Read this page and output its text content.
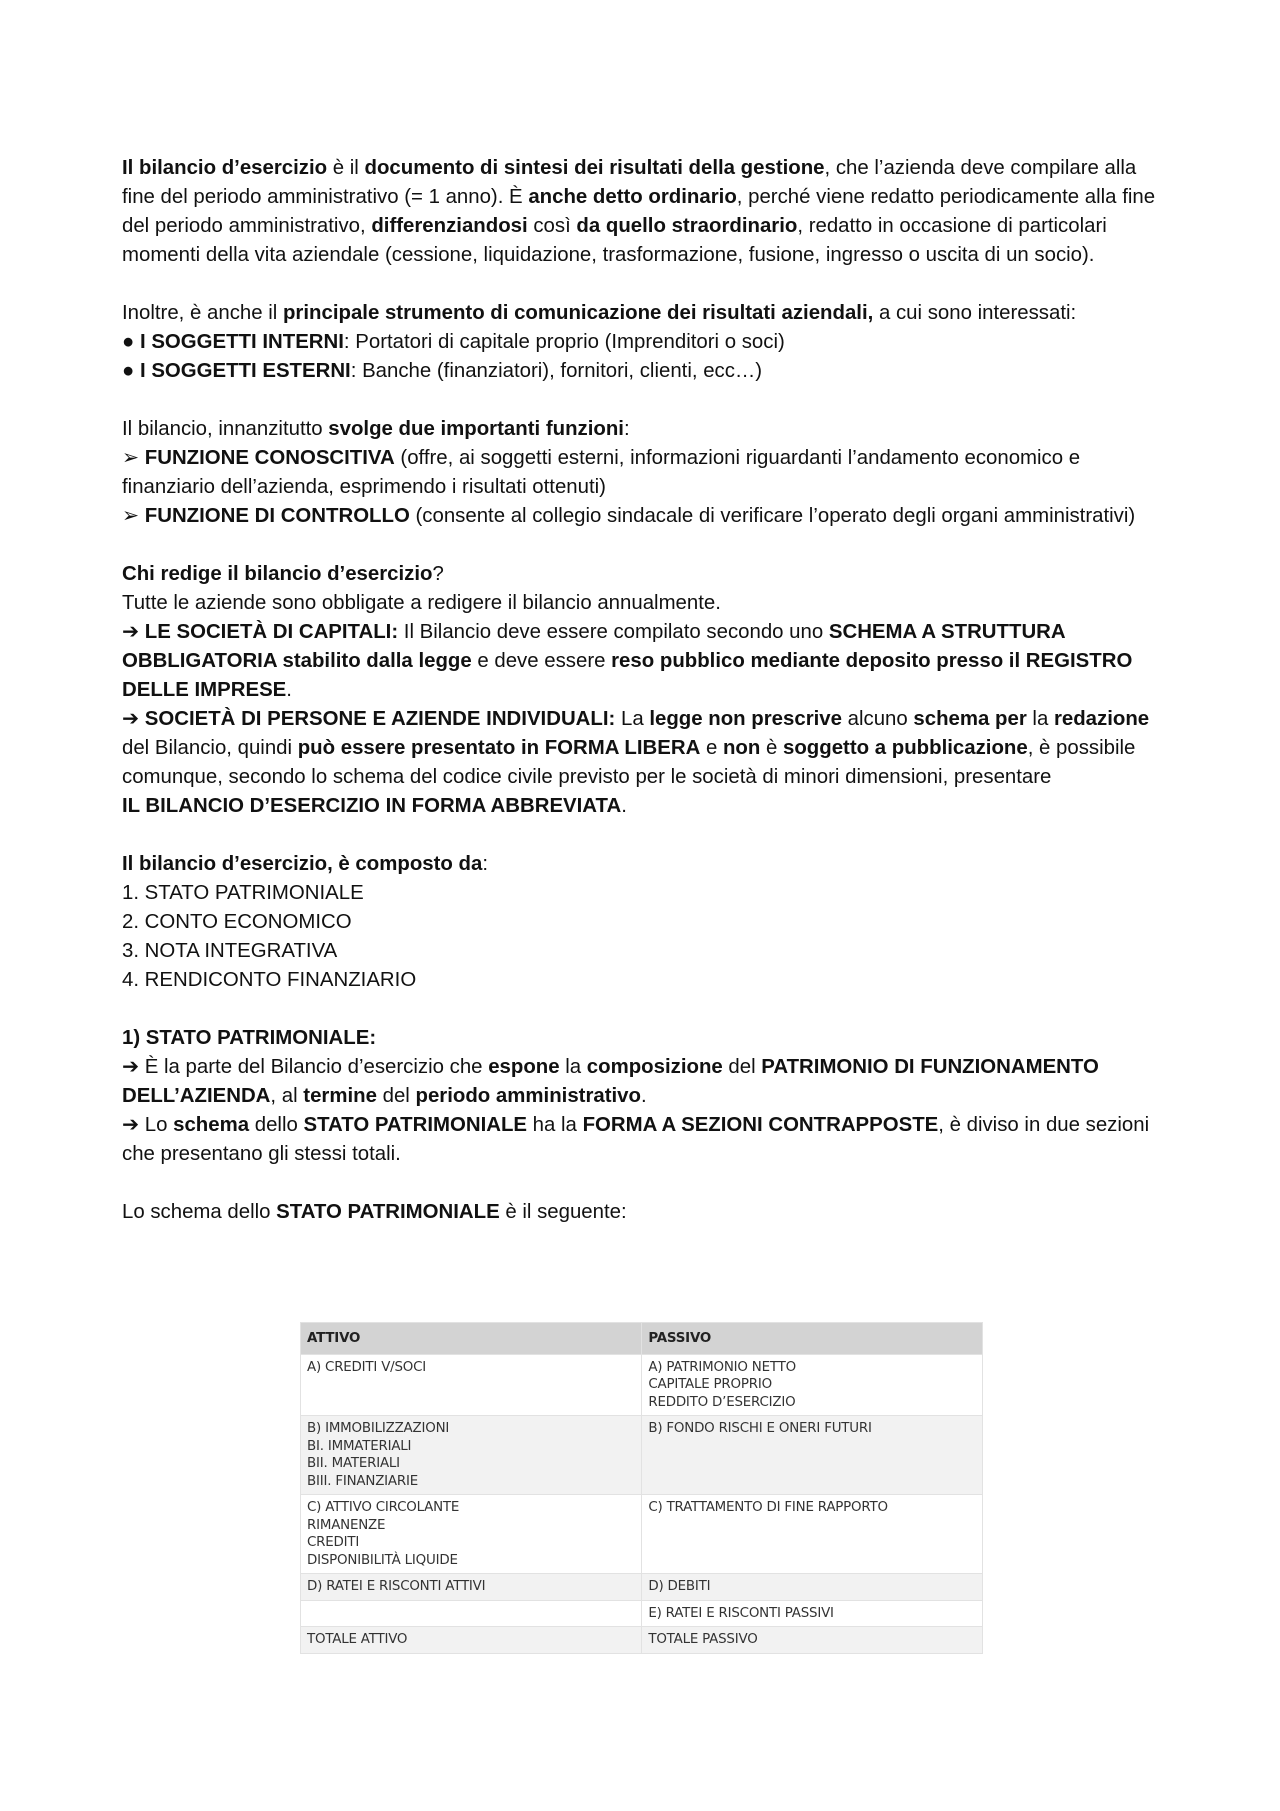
Il bilancio d’esercizio è il documento di sintesi dei risultati della gestione, che l’azienda deve compilare alla fine del periodo amministrativo (= 1 anno). È anche detto ordinario, perché viene redatto periodicamente alla fine del periodo amministrativo, differenziandosi così da quello straordinario, redatto in occasione di particolari momenti della vita aziendale (cessione, liquidazione, trasformazione, fusione, ingresso o uscita di un socio).

Inoltre, è anche il principale strumento di comunicazione dei risultati aziendali, a cui sono interessati:

● I SOGGETTI INTERNI: Portatori di capitale proprio (Imprenditori o soci)

● I SOGGETTI ESTERNI: Banche (finanziatori), fornitori, clienti, ecc…)

Il bilancio, innanzitutto svolge due importanti funzioni:

➢ FUNZIONE CONOSCITIVA (offre, ai soggetti esterni, informazioni riguardanti l’andamento economico e finanziario dell’azienda, esprimendo i risultati ottenuti)

➢ FUNZIONE DI CONTROLLO (consente al collegio sindacale di verificare l’operato degli organi amministrativi)

Chi redige il bilancio d’esercizio?

Tutte le aziende sono obbligate a redigere il bilancio annualmente.

➔ LE SOCIETÀ DI CAPITALI: Il Bilancio deve essere compilato secondo uno SCHEMA A STRUTTURA OBBLIGATORIA stabilito dalla legge e deve essere reso pubblico mediante deposito presso il REGISTRO DELLE IMPRESE.

➔ SOCIETÀ DI PERSONE E AZIENDE INDIVIDUALI: La legge non prescrive alcuno schema per la redazione del Bilancio, quindi può essere presentato in FORMA LIBERA e non è soggetto a pubblicazione, è possibile comunque, secondo lo schema del codice civile previsto per le società di minori dimensioni, presentare
IL BILANCIO D’ESERCIZIO IN FORMA ABBREVIATA.

Il bilancio d’esercizio, è composto da:

1. STATO PATRIMONIALE

2. CONTO ECONOMICO

3. NOTA INTEGRATIVA

4. RENDICONTO FINANZIARIO

1) STATO PATRIMONIALE:

➔ È la parte del Bilancio d’esercizio che espone la composizione del PATRIMONIO DI FUNZIONAMENTO DELL’AZIENDA, al termine del periodo amministrativo.

➔ Lo schema dello STATO PATRIMONIALE ha la FORMA A SEZIONI CONTRAPPOSTE, è diviso in due sezioni che presentano gli stessi totali.

Lo schema dello STATO PATRIMONIALE è il seguente:

ATTIVO	PASSIVO

A) CREDITI V/SOCI	A) PATRIMONIO NETTO
CAPITALE PROPRIO
REDDITO D’ESERCIZIO

B) IMMOBILIZZAZIONI
BI. IMMATERIALI
BII. MATERIALI
BIII. FINANZIARIE	B) FONDO RISCHI E ONERI FUTURI

C) ATTIVO CIRCOLANTE
RIMANENZE
CREDITI
DISPONIBILITÀ LIQUIDE	C) TRATTAMENTO DI FINE RAPPORTO

D) RATEI E RISCONTI ATTIVI	D) DEBITI

	E) RATEI E RISCONTI PASSIVI

TOTALE ATTIVO	TOTALE PASSIVO
